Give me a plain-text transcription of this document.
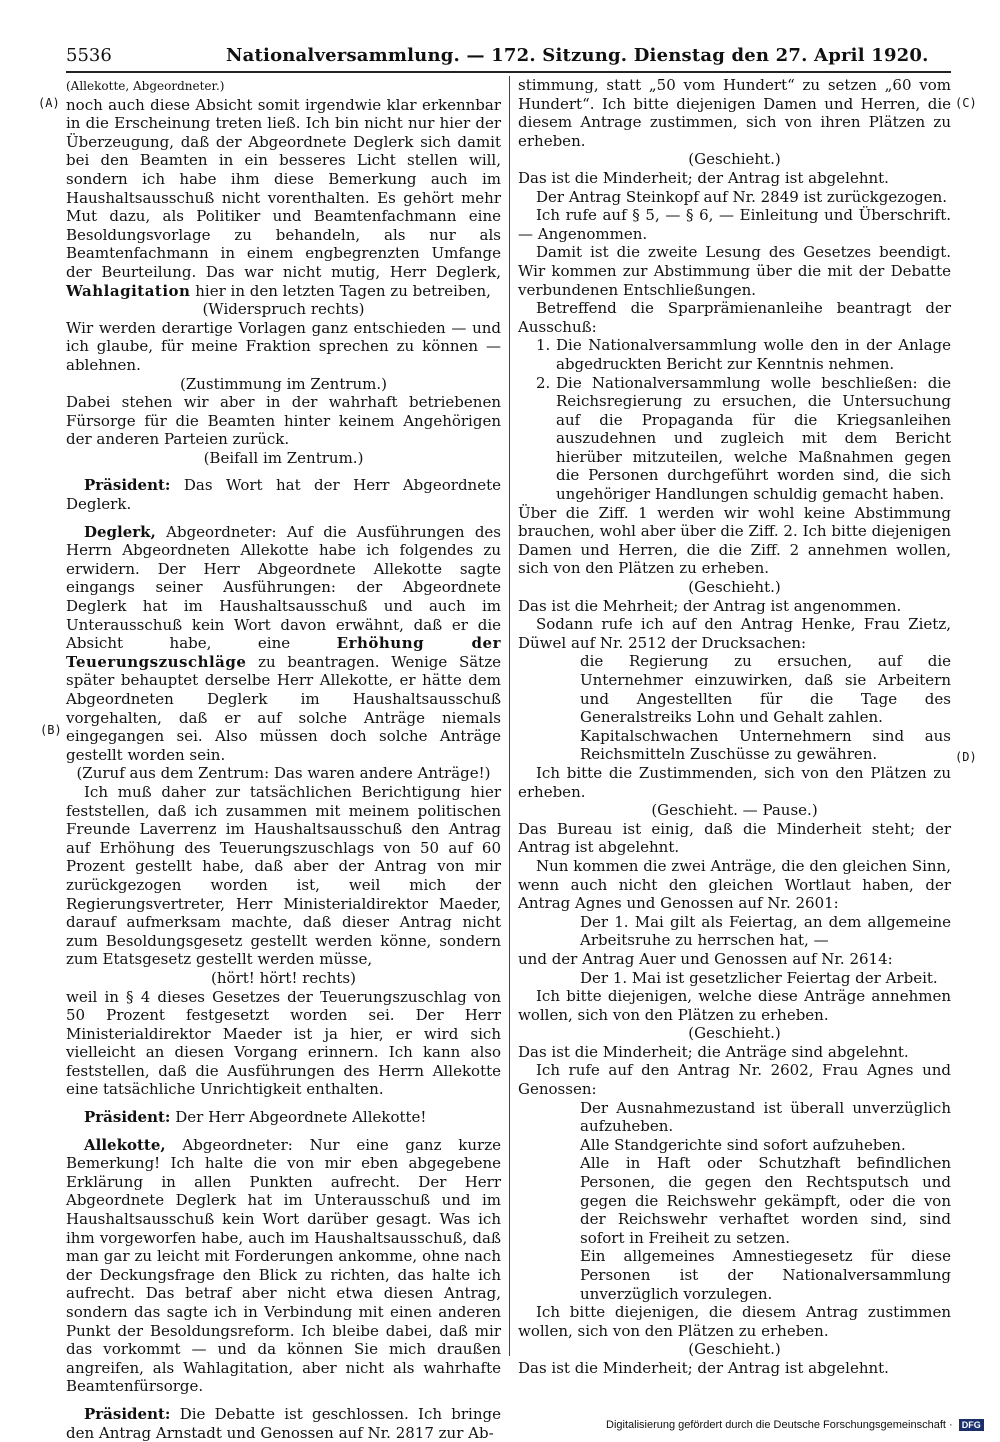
5536	Nationalversammlung. — 172. Sitzung. Dienstag den 27. April 1920.
(A)
(B)
(C)
(D)

(Allekotte, Abgeordneter.)

noch auch diese Absicht somit irgendwie klar erkennbar in die Erscheinung treten ließ. Ich bin nicht nur hier der Überzeugung, daß der Abgeordnete Deglerk sich damit bei den Beamten in ein besseres Licht stellen will, sondern ich habe ihm diese Bemerkung auch im Haushaltsausschuß nicht vorenthalten. Es gehört mehr Mut dazu, als Politiker und Beamtenfachmann eine Besoldungsvorlage zu behandeln, als nur als Beamtenfachmann in einem engbegrenzten Umfange der Beurteilung. Das war nicht mutig, Herr Deglerk, Wahlagitation hier in den letzten Tagen zu betreiben,

(Widerspruch rechts)

Wir werden derartige Vorlagen ganz entschieden — und ich glaube, für meine Fraktion sprechen zu können — ablehnen.

(Zustimmung im Zentrum.)

Dabei stehen wir aber in der wahrhaft betriebenen Fürsorge für die Beamten hinter keinem Angehörigen der anderen Parteien zurück.

(Beifall im Zentrum.)

Präsident: Das Wort hat der Herr Abgeordnete Deglerk.

Deglerk, Abgeordneter: Auf die Ausführungen des Herrn Abgeordneten Allekotte habe ich folgendes zu erwidern. Der Herr Abgeordnete Allekotte sagte eingangs seiner Ausführungen: der Abgeordnete Deglerk hat im Haushaltsausschuß und auch im Unterausschuß kein Wort davon erwähnt, daß er die Absicht habe, eine	Erhöhung der Teuerungszuschläge zu beantragen. Wenige Sätze später behauptet derselbe Herr Allekotte, er hätte dem Abgeordneten Deglerk im Haushaltsausschuß vorgehalten, daß er auf solche Anträge niemals eingegangen sei. Also müssen doch solche Anträge gestellt worden sein.

(Zuruf aus dem Zentrum: Das waren andere Anträge!)

Ich muß daher zur tatsächlichen Berichtigung hier feststellen, daß ich zusammen mit meinem politischen Freunde Laverrenz im Haushaltsausschuß den Antrag auf Erhöhung des Teuerungszuschlags von 50 auf 60 Prozent gestellt habe, daß aber der Antrag von mir zurückgezogen worden ist, weil mich der Regierungsvertreter, Herr Ministerialdirektor Maeder, darauf aufmerksam machte, daß dieser Antrag nicht zum Besoldungsgesetz gestellt werden könne, sondern zum Etatsgesetz gestellt werden müsse,

(hört! hört! rechts)

weil in § 4 dieses Gesetzes der Teuerungszuschlag von 50 Prozent festgesetzt worden sei. Der Herr Ministerialdirektor Maeder ist ja hier, er wird sich vielleicht an diesen Vorgang erinnern. Ich kann also feststellen, daß die Ausführungen des Herrn Allekotte eine tatsächliche Unrichtigkeit enthalten.

Präsident: Der Herr Abgeordnete Allekotte!

Allekotte, Abgeordneter: Nur eine ganz kurze Bemerkung! Ich halte die von mir eben abgegebene Erklärung in allen Punkten aufrecht. Der Herr Abgeordnete Deglerk hat im Unterausschuß und im Haushaltsausschuß kein Wort darüber gesagt. Was ich ihm vorgeworfen habe, auch im Haushaltsausschuß, daß man gar zu leicht mit Forderungen ankomme, ohne nach der Deckungsfrage den Blick zu richten, das halte ich aufrecht. Das betraf aber nicht etwa diesen Antrag, sondern das sagte ich in Verbindung mit einen anderen Punkt der Besoldungsreform. Ich bleibe dabei, daß mir das vorkommt — und da können Sie mich draußen angreifen, als Wahlagitation, aber nicht als wahrhafte Beamtenfürsorge.

Präsident: Die Debatte ist geschlossen. Ich bringe den Antrag Arnstadt und Genossen auf Nr. 2817 zur Ab-

stimmung, statt „50 vom Hundert“ zu setzen „60 vom Hundert“. Ich bitte diejenigen Damen und Herren, die diesem Antrage zustimmen, sich von ihren Plätzen zu erheben.

(Geschieht.)

Das ist die Minderheit; der Antrag ist abgelehnt.

Der Antrag Steinkopf auf Nr. 2849 ist zurückgezogen.

Ich rufe auf § 5, — § 6, — Einleitung und Überschrift. — Angenommen.

Damit ist die zweite Lesung des Gesetzes beendigt. Wir kommen zur Abstimmung über die mit der Debatte verbundenen Entschließungen.

Betreffend die Sparprämienanleihe beantragt der Ausschuß:

1. Die Nationalversammlung wolle den in der Anlage abgedruckten Bericht zur Kenntnis nehmen.

2. Die Nationalversammlung wolle beschließen: die Reichsregierung zu ersuchen, die Untersuchung auf die Propaganda für die Kriegsanleihen auszudehnen und zugleich mit dem Bericht hierüber mitzuteilen, welche Maßnahmen gegen die Personen durchgeführt worden sind, die sich ungehöriger Handlungen schuldig gemacht haben.

Über die Ziff. 1 werden wir wohl keine Abstimmung brauchen, wohl aber über die Ziff. 2. Ich bitte diejenigen Damen und Herren, die die Ziff. 2 annehmen wollen, sich von den Plätzen zu erheben.

(Geschieht.)

Das ist die Mehrheit; der Antrag ist angenommen.

Sodann rufe ich auf den Antrag Henke, Frau Zietz, Düwel auf Nr. 2512 der Drucksachen:

die Regierung zu ersuchen, auf die Unternehmer einzuwirken, daß sie Arbeitern und Angestellten für die Tage des Generalstreiks Lohn und Gehalt zahlen.

Kapitalschwachen Unternehmern sind aus Reichsmitteln Zuschüsse zu gewähren.

Ich bitte die Zustimmenden, sich von den Plätzen zu erheben.

(Geschieht. — Pause.)

Das Bureau ist einig, daß die Minderheit steht; der Antrag ist abgelehnt.

Nun kommen die zwei Anträge, die den gleichen Sinn, wenn auch nicht den gleichen Wortlaut haben, der Antrag Agnes und Genossen auf Nr. 2601:

Der 1. Mai gilt als Feiertag, an dem allgemeine Arbeitsruhe zu herrschen hat, —

und der Antrag Auer und Genossen auf Nr. 2614:

Der 1. Mai ist gesetzlicher Feiertag der Arbeit.

Ich bitte diejenigen, welche diese Anträge annehmen wollen, sich von den Plätzen zu erheben.

(Geschieht.)

Das ist die Minderheit; die Anträge sind abgelehnt.

Ich rufe auf den Antrag Nr. 2602, Frau Agnes und Genossen:

Der Ausnahmezustand ist überall unverzüglich aufzuheben.

Alle Standgerichte sind sofort aufzuheben.

Alle in Haft oder Schutzhaft befindlichen Personen, die gegen den Rechtsputsch und gegen die Reichswehr gekämpft, oder die von der Reichswehr verhaftet worden sind, sind sofort in Freiheit zu setzen.

Ein allgemeines Amnestiegesetz für diese Personen ist der Nationalversammlung unverzüglich vorzulegen.

Ich bitte diejenigen, die diesem Antrag zustimmen wollen, sich von den Plätzen zu erheben.

(Geschieht.)

Das ist die Minderheit; der Antrag ist abgelehnt.

Digitalisierung gefördert durch die Deutsche Forschungsgemeinschaft · DFG
